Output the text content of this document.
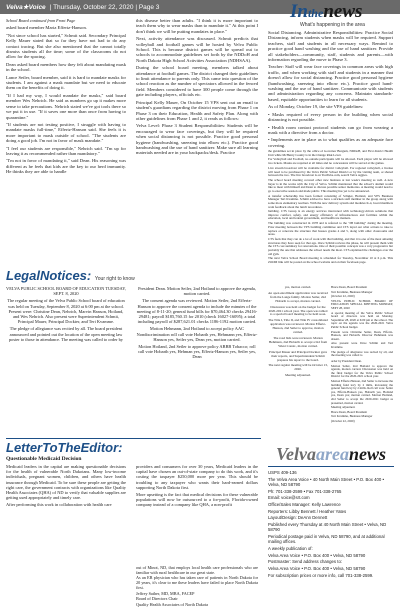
Velva★Voice | Thursday, October 22, 2020 | Page 3	Inthenews
What's happening in the area

School Board continued from Front Page

asked board member Maria Effertz-Hanson.

"Not since school has started," Schmit said. Secondary Principal Kelly Mauer stated that so far they have not had to do any contact tracing. But she also mentioned that the cannot totally dismiss students all the time; some of the classrooms do not allow for the spacing.

Dean asked board members how they felt about mandating mask in the school.

Lance Seiler, board member, said it is hard to mandate masks for students. I am against a mask mandate but we need to educate them on the benefits of doing it.

"If I had my way, I would mandate the masks," said board member Wes Nehrich. He said as numbers go up it makes more sense to take precautions. Nehrich stated we've got tools there so we put it in use. "If it saves one more than once from having to quarantine."

"If students are not testing positive, I struggle with having to mandate masks full-time," Effertz-Hanson said. She feels it is more important to mask outside of school. "The students are doing a good job. I'm not in favor of mask mandate."

"I feel our students are responsible," Nehrich said. "I'm up for leaving it as recommended rather than mandatory."

"I'm not in favor of mandating it," said Dean. His reasoning was different as he feels that kids are the key to our herd immunity. He thinks they are able to handle

this disease better than adults. "I think it is more important to teach them why to wear masks than to mandate it." At this point I don't think we will be putting mandates in place."

Next, activity attendance was discussed. Schmit predicts that volleyball and football games will be hosted by Velva Public School. This is because district games will be spread out to schools to accommodate guidelines set forth by the NDDoH and North Dakota High School Activities Association (NDHSAA).

During the school board meeting, members talked about attendance at football games. The district changed their guidelines to limit attendance to parents only. This came into question of the school reaction as the number of spectators allowed in the fenced field. Members considered to have 300 people come through the gate including players, officials etc.

Principal Kelly Mauer, On October 15 VPS sent out an email to student's guardians regarding the district moving from Phase 1 on Phase 3 on their Education, Health and Safety Plan. Along with other guidelines from Phase 1 and 2, it reads as follows:

Velva Level: Phase 3 Student Responsibilities: Students will be encouraged to wear face coverings, but they will be required when social distancing is not possible. Practice good personal hygiene (handwashing, sneezing into elbow etc.). Practice good handwashing and the use of hand sanitizer. Make sure all learning materials needed are in your backpacks/desk. Practice

Social Distancing. Administrative Responsibilities: Practice Social Distancing, inform students when masks will be required. Support teachers, staff and students in all necessary ways. Remind to practice good hand washing and the use of hand sanitizer. Provide all stakeholders—community, staff, students and parents—with information regarding the move to Phase 3.

Teacher: Staff will wear face coverings in common areas with high traffic, and when working with staff and students in a manner that doesn't allow for social distancing. Practice good personal hygiene (handwashing, sneezing into elbow etc.). Practice good hand-washing and the use of hand sanitizer. Communicate with students and administration regarding any concerns. Maintain standards-based, equitable opportunities to learn for all students.

As of Monday, October 19, the site VPS guidelines:

• Masks required of every person in the building when social distancing is not possible.

• Health room contact protocol students can go from wearing a mask with a directive from a doctor.

• Implements are in place as to what qualifies as an adequate face covering.

LegalNotices: Your right to know

VELVA PUBLIC SCHOOL BOARD OF EDUCATION TUESDAY, SEPT. 8, 2020

The regular meeting of the Velva Public School board of education was held on Tuesday, September 8, 2020 at 6:00 pm at the school. Present were: Christine Dean, Nehrich, Marvin Hanson, Hoiland, and Wes Nehrich. Also present were Superintendent Schmit, Principal Mauer, Principal Dockter, and Teri Kvamme.

The pledge of allegiance was recited by all. The board president announced and pointed out the location of the open meeting law poster to those in attendance. The meeting was called to order by

President Dean. Motion Seiler, 2nd Hoiland to approve the agenda, motion carried.

The consent agenda was reviewed. Motion Seiler, 2nd Effertz-Hanson to approve the consent agenda to include the minutes of the meeting of 8-11-20; general fund bills for $70,464.30 checks 29416-29481; payroll $185,760.15 for 2010 (check 16027-16095); a total including payroll of $287,621.01 checks 1186-1192 motion carried.

Motion Hehmann, 2nd Hoiland to accept policy AAC Nondiscrimination roll call vote Hobarth yes, Hehmann yes, Effertz-Hanson yes, Seiler yes, Dean yes, motion carried.

Motion Hoiland, 2nd Seiler to approve policy ABBB Tobacco; roll call vote Hobarth yes, Hehman yes, Effertz-Hanson yes, Seiler yes, Dean

yes, motion carried.

An open enrollment application was received from the Lange family. Motion Seiler, 2nd Hobarth to accept, motion carried.

Discussion was held on the budget for the 2020-2021 school year. The open was tabled to a special board meeting to be held soon.

The Title I, Title II, and Title IV consolidated application was reviewed. Motion Effertz-Hanson, 2nd Seiler to approve, motion carried.

The road bids were reviewed. Motion Hehmann, 2nd Hobarth to accept a bid from Wiest Constr., motion carried.

Principal Mauer and Principal Dockter gave their reports, and Superintendent Schmit prepares his report to the board.

The next regular meeting will be October 13, 2020.

Meeting adjourned.

LetterToTheEditor:
Questionable Medicaid Decision

Medicaid leaders in the capital are making questionable decisions for the health of vulnerable North Dakotans. Many low-income individuals, pregnant women, children, and others have health insurance through Medicaid. To be sure these people are getting the right care, the government contracts with organizations like Quality Health Associates (QHA) of ND to verify that valuable supplies are getting used appropriately and timely care.

After performing this work in collaboration with health care

providers and consumers for over 30 years, Medicaid leaders in the capital have chosen an out-of-state company to do this work, and it's costing the taxpayer $250,000 more per year. This should be troubling to any taxpayer who wants their hard-earned dollars supporting North Dakota first.

More upsetting is the fact that medical decisions for these vulnerable populations will now be outsourced to a for-profit, Florida-owned company instead of a company like QHA, a non-profit

Velvaareanews

USPS 409-136

The Velva Area Voice • 40 North Main Street • P.O. Box 400 • Velva, ND 58790

Ph: 701-338-2599 • Fax 701-338-2765

Email: voice@srt.com

Office/Sales Manager: Kelly Lawrence

Reporters: Libby Bennett / Heather Yates

Layout/Design: DeAnn Dennett

Published every Thursday at 40 North Main Street • Velva, ND 58790

Periodical postage paid in Velva, ND 58790, and at additional mailing offices.

A weekly publication of:

Velva Area Voice • P.O. Box 400 • Velva, ND 58790

Postmaster: Send address changes to:

Velva Area Voice • P.O. Box 400 • Velva, ND 58790

For subscription prices or more info, call 701-338-2599.

the guidelines set in place by the office of Governor Burgum, NDDoH, and First district Health Unit while McHenry County is in the Orange Risk Level.

For Volleyball and Football, no outside participants will be allowed. Each player will be allowed two tickets. Masks are required at all times and no concessions will be served at the games.

Live stream broadcast will be available for district volleyball. For regional volleyball, a license will need to be purchased by the Velva Public School District or by the visiting team, or shared between the two. The live broadcast is on YouTube.com, search Velva Aggies.

The school board meeting covered other new business at last week's meeting as well. A new buyer is in the works with the City of Velva. Schmit mentioned that the school's alumni would like to meet with himself and Dean to discuss possible senior memories. A meeting would need to go to executive session and made public. This meeting has yet to be announced.

A transfer scholarship has been formed consisting of Schuler, Hoiland, and VPS Business Manager Teri Kvamme. Schmit advised to have a stricken staff member in the group along with some more elementary teachers. With the new delivery system and modules K-4, board members want feedback about the lunch procedures.

building. CTS Group is an energy services intervened with technology-driven solutions that improve comfort, safety, and energy efficiency of infrastructures and facilities within the education, local and federal government, and healthcare markets.

The building was constructed in 1978 and is referred to the "2B building" during the meeting. Prior meeting between the VPS building committee and CTS layed out what actions to take to replace or renovate the structure that houses grades 4 and 5, along with other classrooms and areas.

CTS feels that they can do a lot of work with that building, and that it is one of the most amazing structures they have seen for that age. Once Schmit reviews the phase, he will present them with the CTS cost summary for renovations. One of their possible concepts was a very progressive but probably the one that addresses the school needs the most. CTS explained the challenges over the old gym.

The next Velva School Board meeting is scheduled for Tuesday, November 10 at 6 p.m. This ZOOM link will be posted on the school website and on their facebook page.

Bruce Dean, Board President

Teri Kvamme, Business Manager

(October 22, 2020)

VELVA PUBLIC SCHOOL BOARD OF EDUCATION SPECIAL MEETING MONDAY, SEPT 28, 2020

A special meeting of the Velva Public School board of directors was held on Monday, September 28, 2020 at 6:00 pm at the school. The topic on the agenda was the 2020-2021 Velva Public School budget.

Present were Christine Seiler, Dean, Effertz-Hanson, and Hobarth. Director Hehmann was absent.

Also present were Dave Schmit and Teri Kvamme.

The pledge of allegiance was recited by all, and the meeting was called to

order by President Dean.

Motion Seiler, 2nd Hoiland to approve the agenda, motion carried. Discussion was held on the final budget for the Velva Public School District for the 2020-2021 school year.

Motion Effertz-Hanson, 2nd Seiler to increase the building fund levy by 2 mills, increasing the general fund levy by 2 mills. Roll call vote: Seiler yes, Effertz-Hanson yes, Hobarth yes, Hoiland yes, Dean yes; motion carried. Motion Hoiland, 2nd Seiler to accept the 2020-2021 budget as presented, motion carried.

Meeting adjourned.

Bruce Dean, Board President

Teri Kvamme, Business Manager

(October 22, 2020)

out of Minot, ND, that employs local health care professionals who are familiar with rural healthcare in our great state.

As an ER physician who has taken care of patients in North Dakota for 20 years, it's clear to me these leaders have failed to place North Dakota first.

Jeffrey Sather, MD, MBA, FACEP

Board of Directors Chair

Quality Health Associates of North Dakota
